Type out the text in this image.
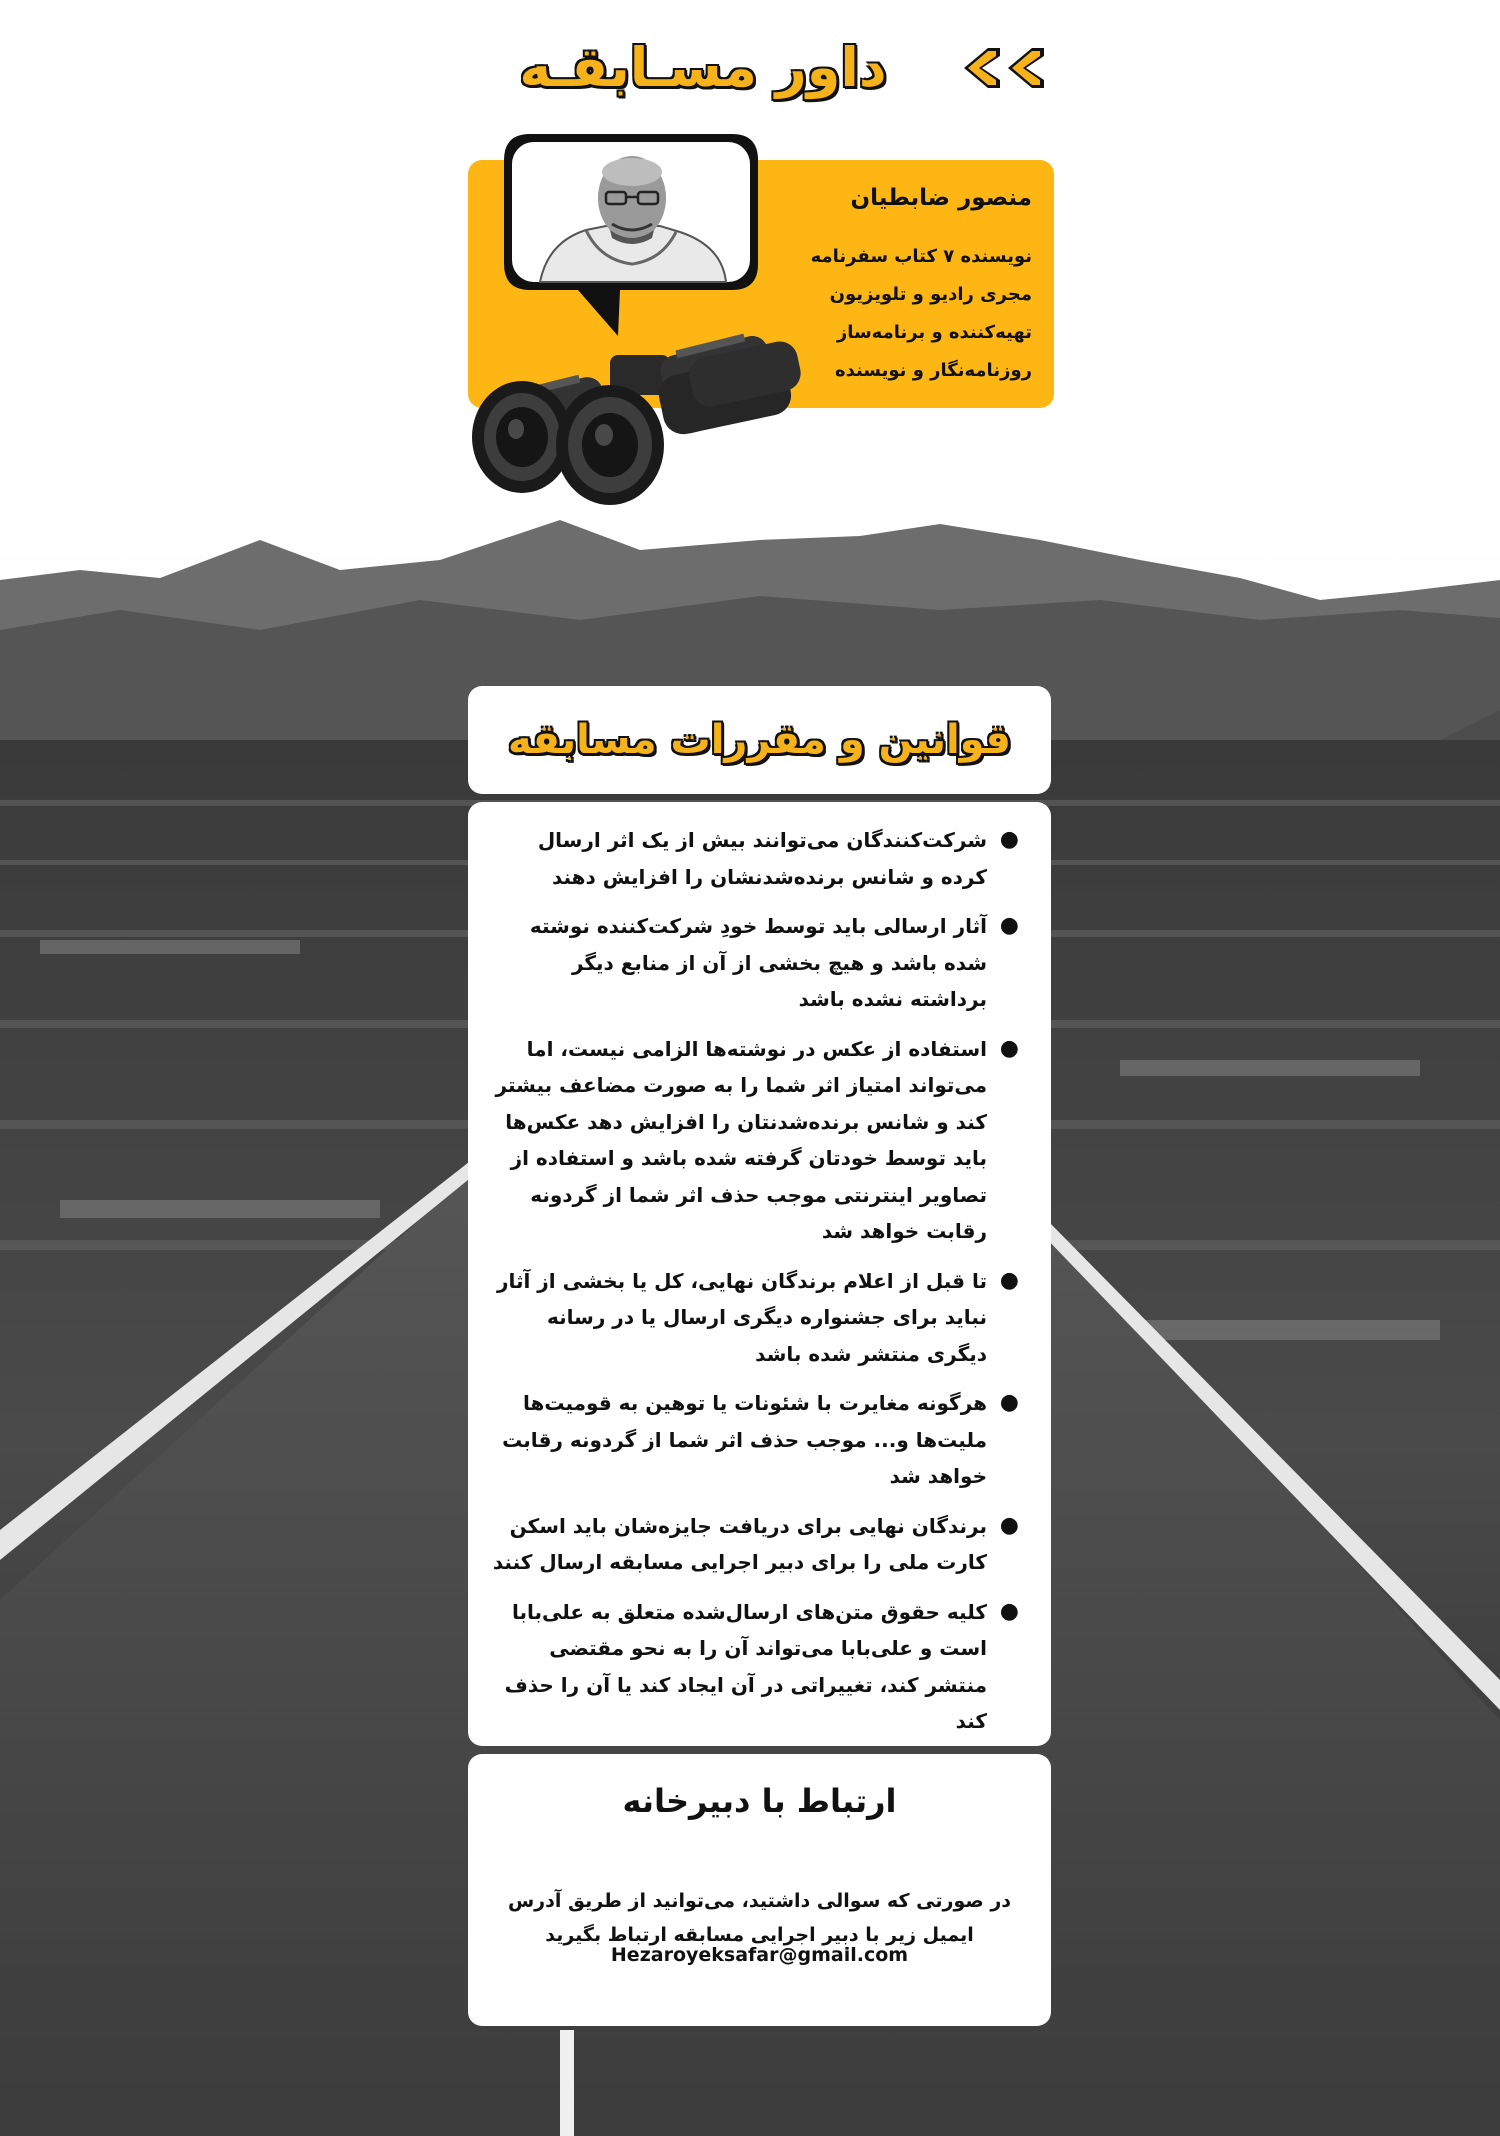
داور مسـابقـه
منصور ضابطیان
نویسنده ۷ کتاب سفرنامه
مجری رادیو و تلویزیون
تهیه‌کننده و برنامه‌ساز
روزنامه‌نگار و نویسنده
قوانین و مقررات مسابقه
●
شرکت‌کنندگان می‌توانند بیش از یک اثر ارسال کرده و شانس برنده‌شدنشان را افزایش دهند
●
آثار ارسالی باید توسط خودِ شرکت‌کننده نوشته شده باشد و هیچ بخشی از آن از منابع دیگر برداشته نشده باشد
●
استفاده از عکس در نوشته‌ها الزامی نیست، اما می‌تواند امتیاز اثر شما را به صورت مضاعف بیشتر کند و شانس برنده‌شدنتان را افزایش دهد عکس‌ها باید توسط خودتان گرفته شده باشد و استفاده از تصاویر اینترنتی موجب حذف اثر شما از گردونه رقابت خواهد شد
●
تا قبل از اعلام برندگان نهایی، کل یا بخشی از آثار نباید برای جشنواره دیگری ارسال یا در رسانه دیگری منتشر شده باشد
●
هرگونه مغایرت با شئونات یا توهین به قومیت‌ها ملیت‌ها و... موجب حذف اثر شما از گردونه رقابت خواهد شد
●
برندگان نهایی برای دریافت جایزه‌شان باید اسکن کارت ملی را برای دبیر اجرایی مسابقه ارسال کنند
●
کلیه حقوق متن‌های ارسال‌شده متعلق به علی‌بابا است و علی‌بابا می‌تواند آن را به نحو مقتضی منتشر کند، تغییراتی در آن ایجاد کند یا آن را حذف کند
ارتباط با دبیرخانه
در صورتی که سوالی داشتید، می‌توانید از طریق آدرس ایمیل زیر با دبیر اجرایی مسابقه ارتباط بگیرید
Hezaroyeksafar@gmail.com
